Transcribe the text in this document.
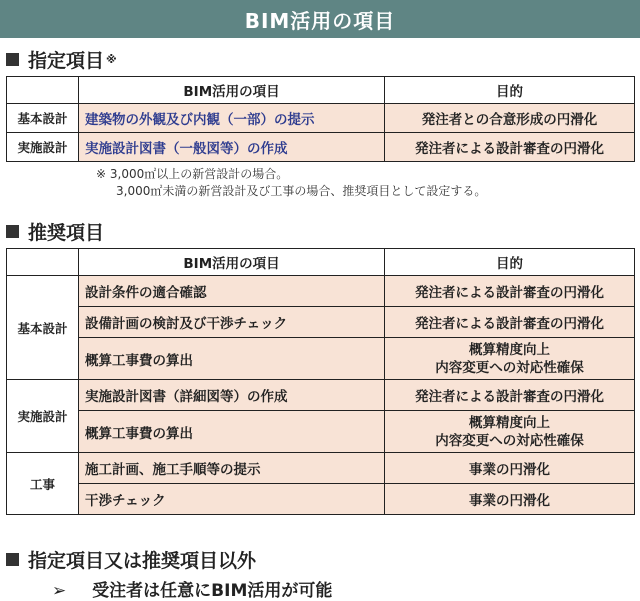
BIM活用の項目
指定項目 ※
	BIM活用の項目	目的
基本設計	建築物の外観及び内観（一部）の提示	発注者との合意形成の円滑化
実施設計	実施設計図書（一般図等）の作成	発注者による設計審査の円滑化
※ 3,000㎡以上の新営設計の場合。
3,000㎡未満の新営設計及び工事の場合、推奨項目として設定する。
推奨項目
	BIM活用の項目	目的
基本設計	設計条件の適合確認	発注者による設計審査の円滑化
	設備計画の検討及び干渉チェック	発注者による設計審査の円滑化
	概算工事費の算出	概算精度向上
内容変更への対応性確保
実施設計	実施設計図書（詳細図等）の作成	発注者による設計審査の円滑化
	概算工事費の算出	概算精度向上
内容変更への対応性確保
工事	施工計画、施工手順等の提示	事業の円滑化
	干渉チェック	事業の円滑化
指定項目又は推奨項目以外
➢ 受注者は任意にBIM活用が可能
